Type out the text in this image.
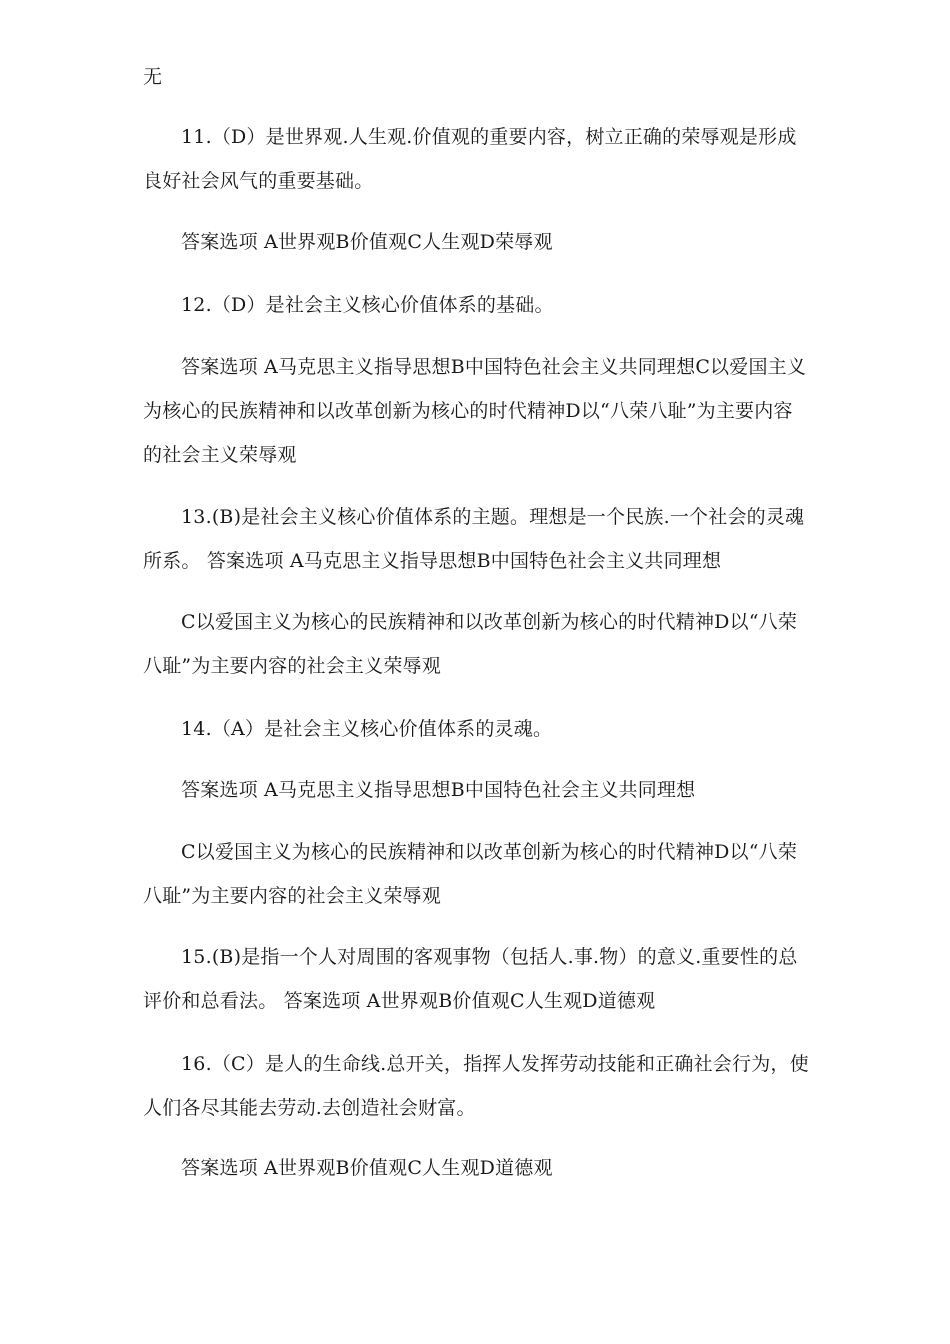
无

11.（D）是世界观.人生观.价值观的重要内容，树立正确的荣辱观是形成良好社会风气的重要基础。

答案选项 A世界观B价值观C人生观D荣辱观

12.（D）是社会主义核心价值体系的基础。

答案选项 A马克思主义指导思想B中国特色社会主义共同理想C以爱国主义为核心的民族精神和以改革创新为核心的时代精神D以“八荣八耻”为主要内容的社会主义荣辱观

13.(B)是社会主义核心价值体系的主题。理想是一个民族.一个社会的灵魂所系。 答案选项 A马克思主义指导思想B中国特色社会主义共同理想

C以爱国主义为核心的民族精神和以改革创新为核心的时代精神D以“八荣八耻”为主要内容的社会主义荣辱观

14.（A）是社会主义核心价值体系的灵魂。

答案选项 A马克思主义指导思想B中国特色社会主义共同理想

C以爱国主义为核心的民族精神和以改革创新为核心的时代精神D以“八荣八耻”为主要内容的社会主义荣辱观

15.(B)是指一个人对周围的客观事物（包括人.事.物）的意义.重要性的总评价和总看法。 答案选项 A世界观B价值观C人生观D道德观

16.（C）是人的生命线.总开关，指挥人发挥劳动技能和正确社会行为，使人们各尽其能去劳动.去创造社会财富。

答案选项 A世界观B价值观C人生观D道德观
